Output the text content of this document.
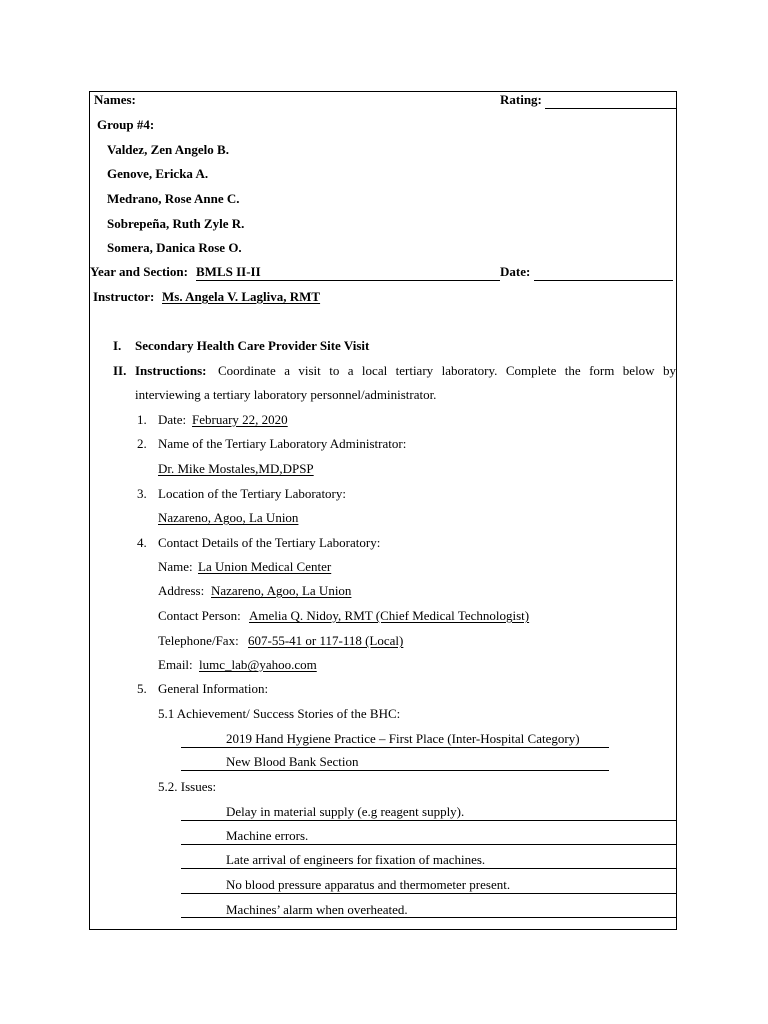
Names:	Rating:
Group #4:
Valdez, Zen Angelo B.
Genove, Ericka A.
Medrano, Rose Anne C.
Sobrepeña, Ruth Zyle R.
Somera, Danica Rose O.
Year and Section: BMLS II-II	Date:
Instructor: Ms. Angela V. Lagliva, RMT
I. Secondary Health Care Provider Site Visit
II. Instructions: Coordinate a visit to a local tertiary laboratory. Complete the form below by
interviewing a tertiary laboratory personnel/administrator.
1. Date: February 22, 2020
2. Name of the Tertiary Laboratory Administrator:
Dr. Mike Mostales,MD,DPSP
3. Location of the Tertiary Laboratory:
Nazareno, Agoo, La Union
4. Contact Details of the Tertiary Laboratory:
Name: La Union Medical Center
Address: Nazareno, Agoo, La Union
Contact Person: Amelia Q. Nidoy, RMT (Chief Medical Technologist)
Telephone/Fax: 607-55-41 or 117-118 (Local)
Email: lumc_lab@yahoo.com
5. General Information:
5.1 Achievement/ Success Stories of the BHC:
2019 Hand Hygiene Practice – First Place (Inter-Hospital Category)
New Blood Bank Section
5.2. Issues:
Delay in material supply (e.g reagent supply).
Machine errors.
Late arrival of engineers for fixation of machines.
No blood pressure apparatus and thermometer present.
Machines’ alarm when overheated.
